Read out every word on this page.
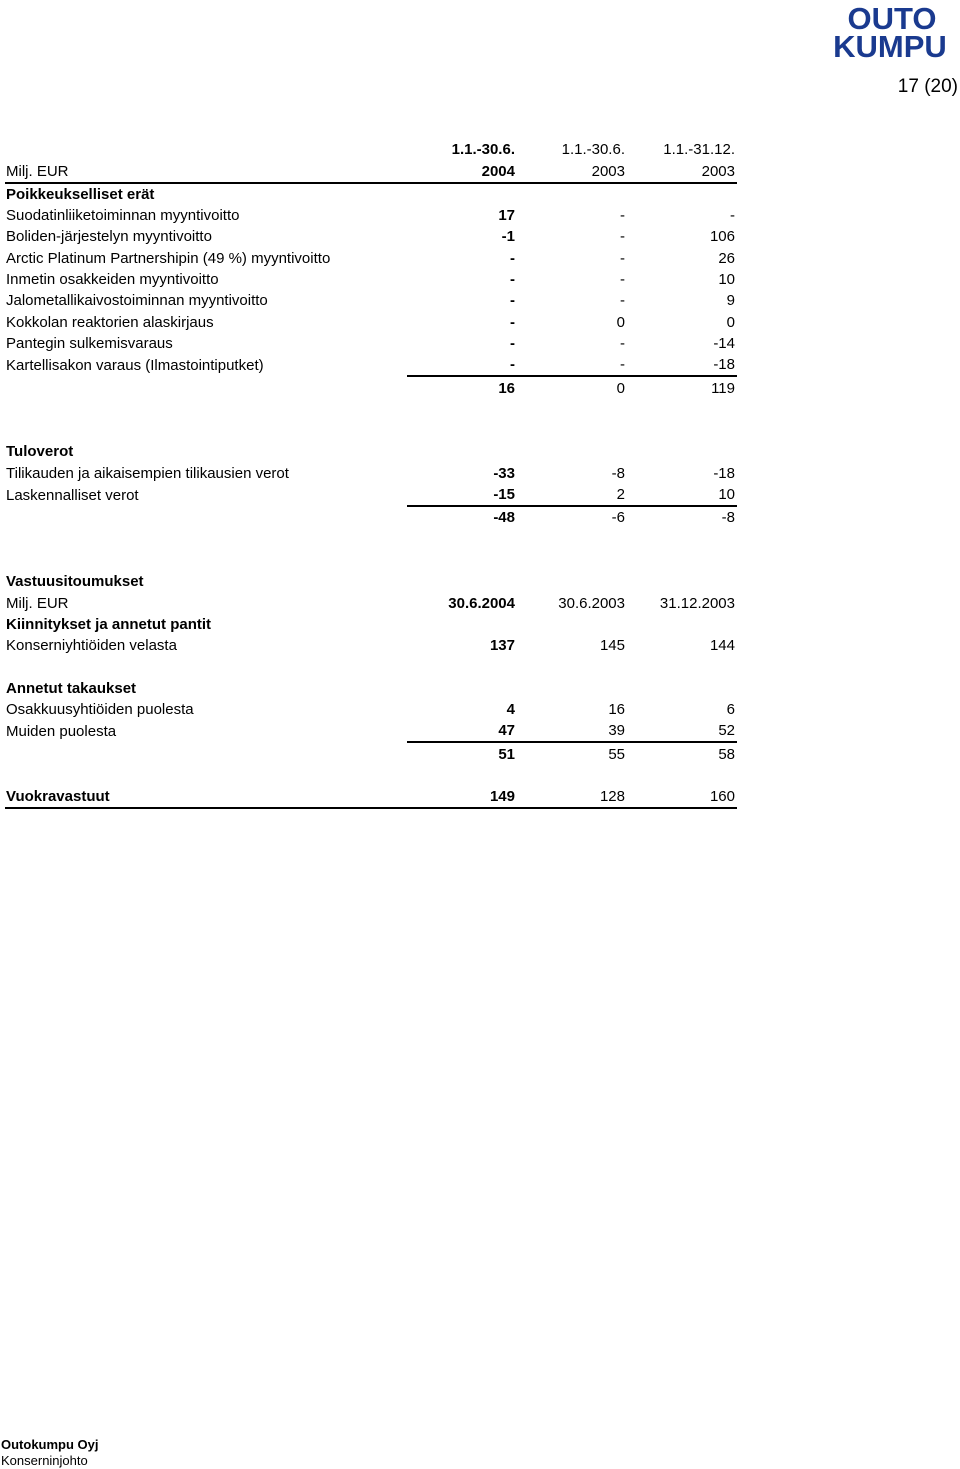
OUTO
KUMPU
17 (20)
	1.1.-30.6.	1.1.-30.6.	1.1.-31.12.
Milj. EUR	2004	2003	2003
Poikkeukselliset erät			
Suodatinliiketoiminnan myyntivoitto	17	-	-
Boliden-järjestelyn myyntivoitto	-1	-	106
Arctic Platinum Partnershipin (49 %) myyntivoitto	-	-	26
Inmetin osakkeiden myyntivoitto	-	-	10
Jalometallikaivostoiminnan myyntivoitto	-	-	9
Kokkolan reaktorien alaskirjaus	-	0	0
Pantegin sulkemisvaraus	-	-	-14
Kartellisakon varaus (Ilmastointiputket)	-	-	-18
	16	0	119

Tuloverot			
Tilikauden ja aikaisempien tilikausien verot	-33	-8	-18
Laskennalliset verot	-15	2	10
	-48	-6	-8

Vastuusitoumukset			
Milj. EUR	30.6.2004	30.6.2003	31.12.2003
Kiinnitykset ja annetut pantit			
Konserniyhtiöiden velasta	137	145	144

Annetut takaukset			
Osakkuusyhtiöiden puolesta	4	16	6
Muiden puolesta	47	39	52
	51	55	58

Vuokravastuut	149	128	160
Outokumpu Oyj
Konserninjohto
